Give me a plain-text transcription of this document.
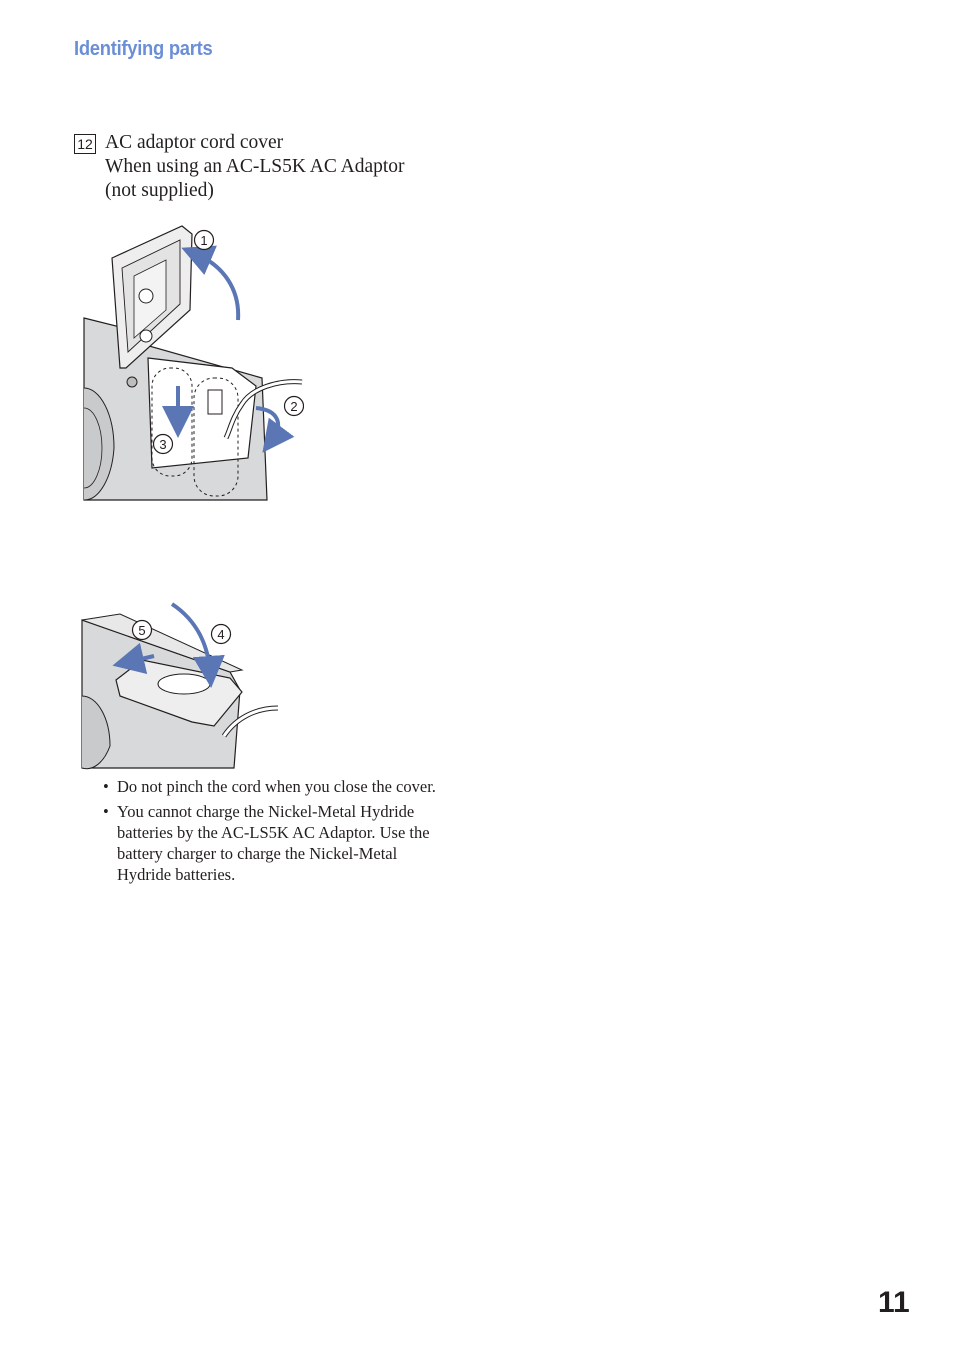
Identifying parts
12 AC adaptor cord cover
When using an AC-LS5K AC Adaptor
(not supplied)
1
2
3
5	4
• Do not pinch the cord when you close the cover.
• You cannot charge the Nickel-Metal Hydride batteries by the AC-LS5K AC Adaptor. Use the battery charger to charge the Nickel-Metal Hydride batteries.
11
